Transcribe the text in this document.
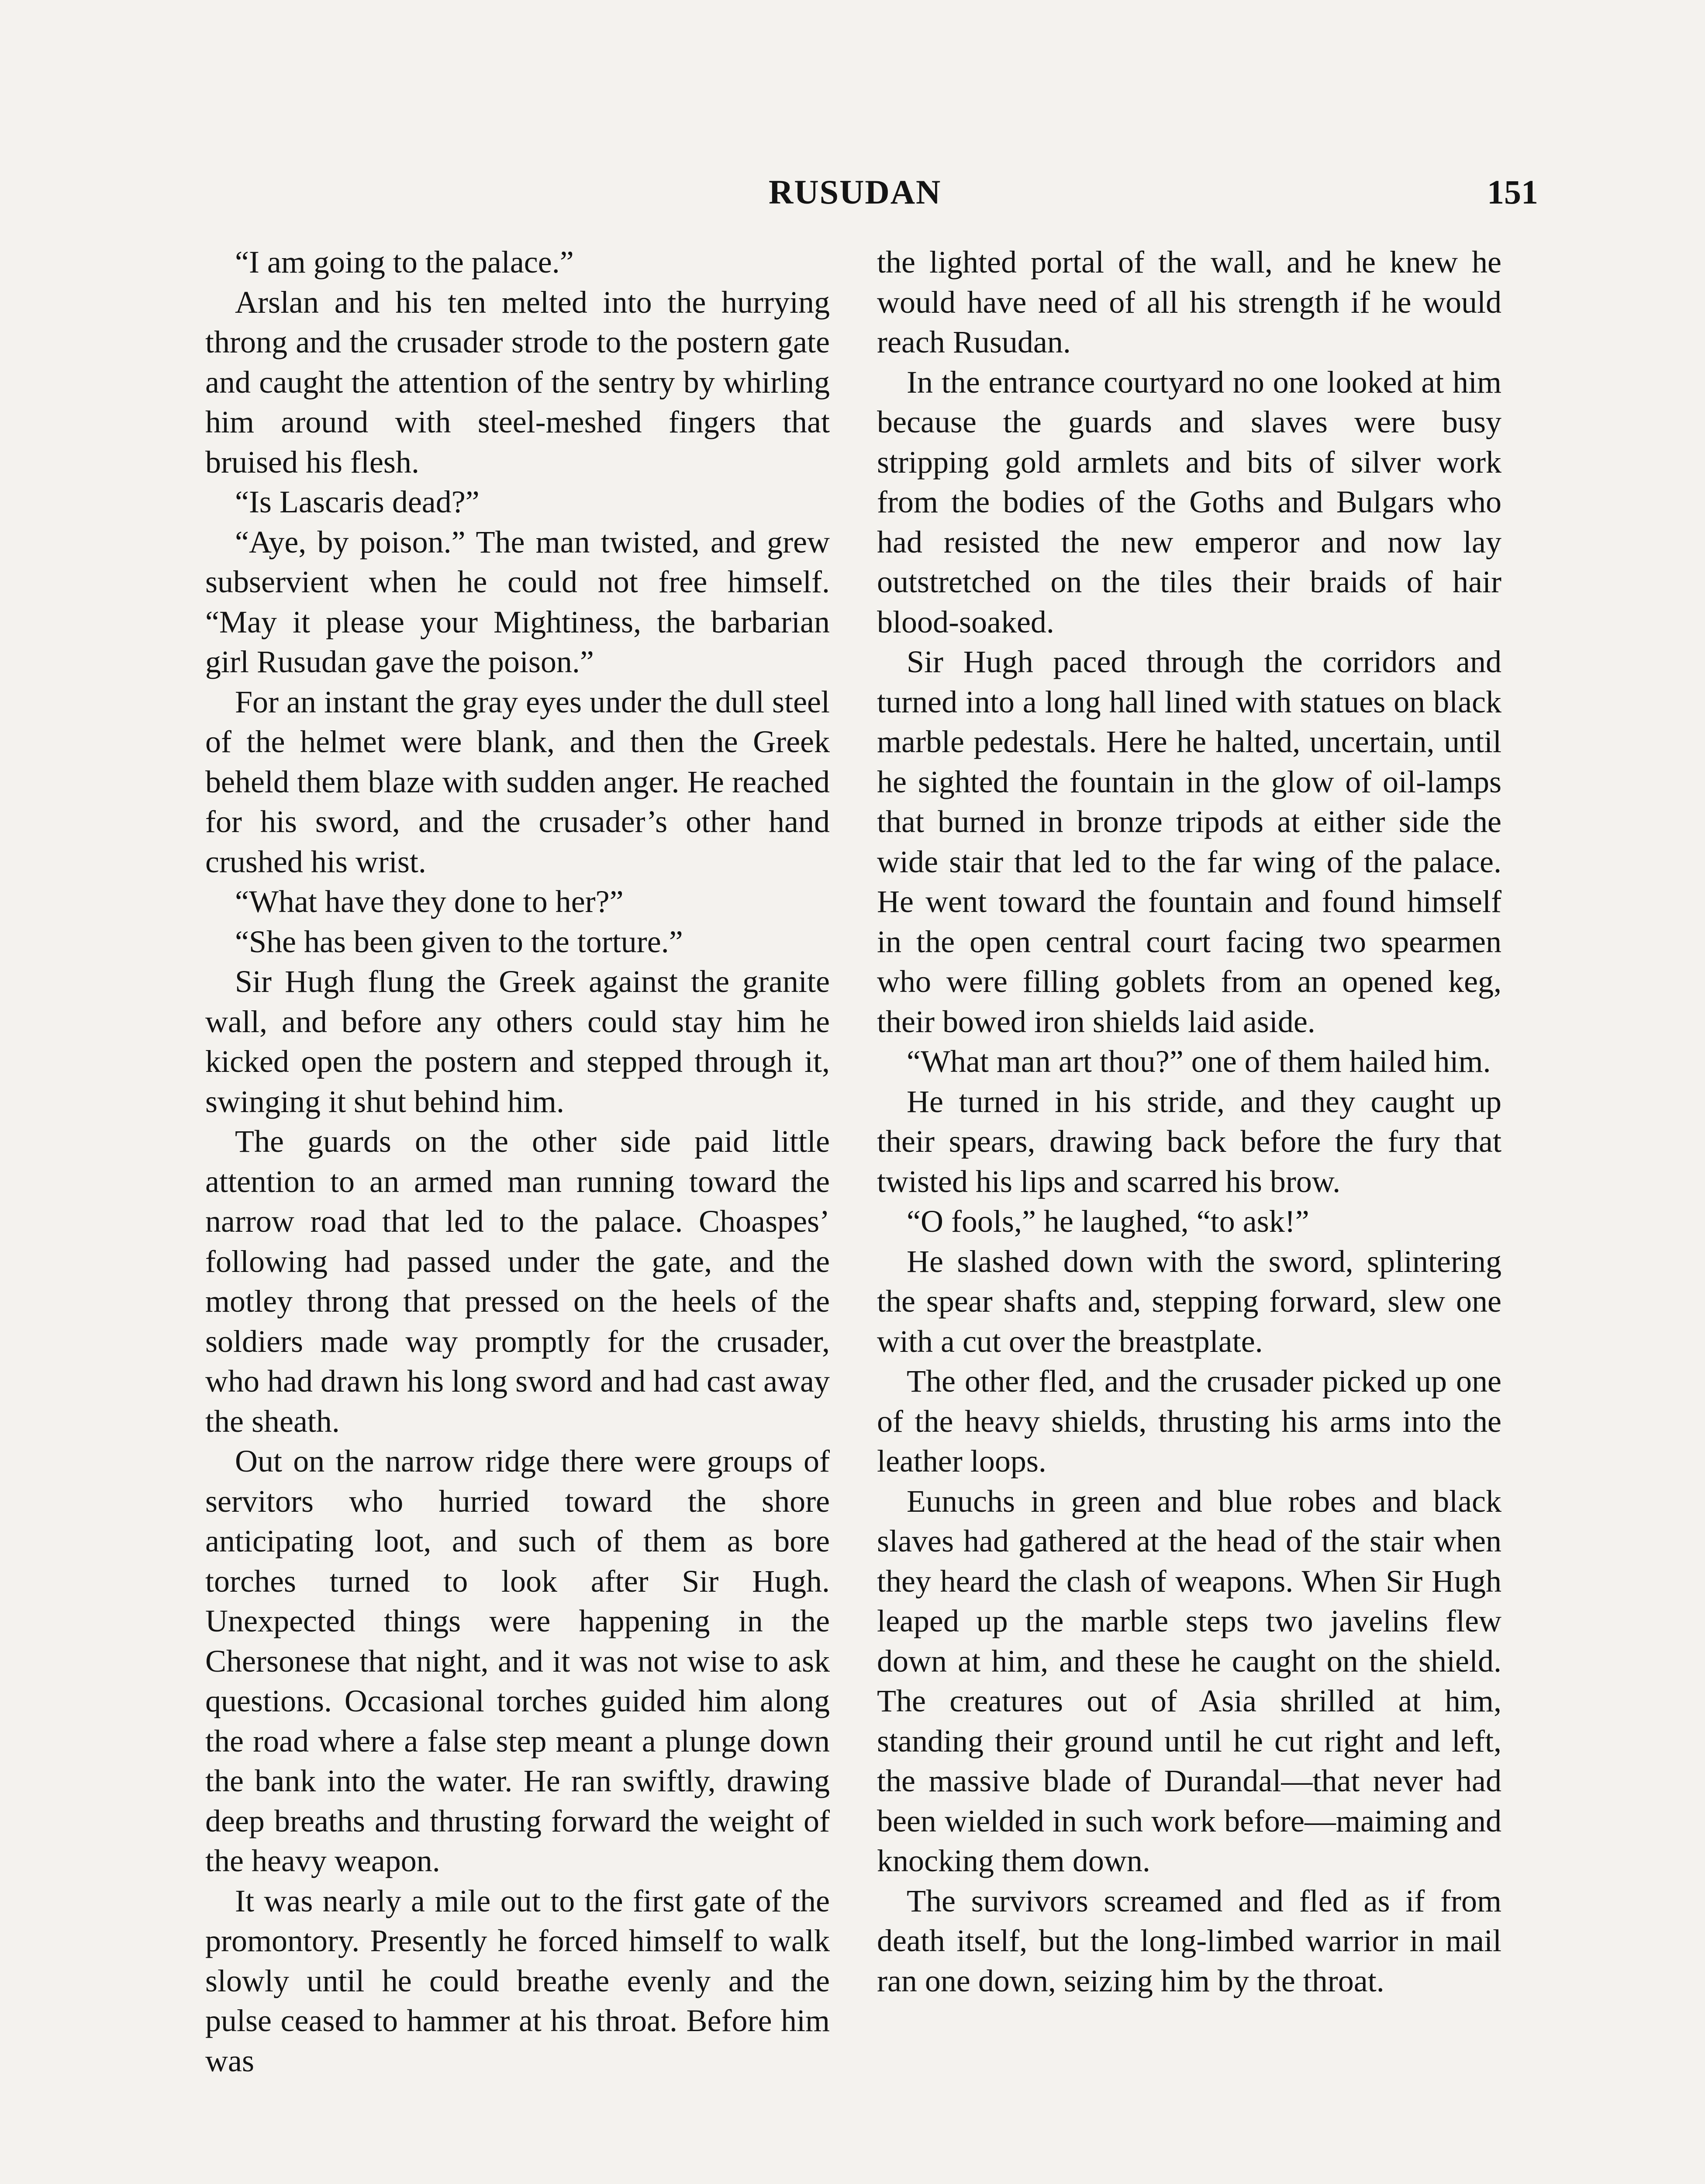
RUSUDAN	151

“I am going to the palace.”

Arslan and his ten melted into the hurrying throng and the crusader strode to the postern gate and caught the attention of the sentry by whirling him around with steel-meshed fingers that bruised his flesh.

“Is Lascaris dead?”

“Aye, by poison.” The man twisted, and grew subservient when he could not free himself. “May it please your Mightiness, the barbarian girl Rusudan gave the poison.”

For an instant the gray eyes under the dull steel of the helmet were blank, and then the Greek beheld them blaze with sudden anger. He reached for his sword, and the crusader’s other hand crushed his wrist.

“What have they done to her?”

“She has been given to the torture.”

Sir Hugh flung the Greek against the granite wall, and before any others could stay him he kicked open the postern and stepped through it, swinging it shut behind him.

The guards on the other side paid little attention to an armed man running toward the narrow road that led to the palace. Choaspes’ following had passed under the gate, and the motley throng that pressed on the heels of the soldiers made way promptly for the crusader, who had drawn his long sword and had cast away the sheath.

Out on the narrow ridge there were groups of servitors who hurried toward the shore anticipating loot, and such of them as bore torches turned to look after Sir Hugh. Unexpected things were happening in the Chersonese that night, and it was not wise to ask questions. Occasional torches guided him along the road where a false step meant a plunge down the bank into the water. He ran swiftly, drawing deep breaths and thrusting forward the weight of the heavy weapon.

It was nearly a mile out to the first gate of the promontory. Presently he forced himself to walk slowly until he could breathe evenly and the pulse ceased to hammer at his throat. Before him was

the lighted portal of the wall, and he knew he would have need of all his strength if he would reach Rusudan.

In the entrance courtyard no one looked at him because the guards and slaves were busy stripping gold armlets and bits of silver work from the bodies of the Goths and Bulgars who had resisted the new emperor and now lay outstretched on the tiles their braids of hair blood-soaked.

Sir Hugh paced through the corridors and turned into a long hall lined with statues on black marble pedestals. Here he halted, uncertain, until he sighted the fountain in the glow of oil-lamps that burned in bronze tripods at either side the wide stair that led to the far wing of the palace. He went toward the fountain and found himself in the open central court facing two spearmen who were filling goblets from an opened keg, their bowed iron shields laid aside.

“What man art thou?” one of them hailed him.

He turned in his stride, and they caught up their spears, drawing back before the fury that twisted his lips and scarred his brow.

“O fools,” he laughed, “to ask!”

He slashed down with the sword, splintering the spear shafts and, stepping forward, slew one with a cut over the breastplate.

The other fled, and the crusader picked up one of the heavy shields, thrusting his arms into the leather loops.

Eunuchs in green and blue robes and black slaves had gathered at the head of the stair when they heard the clash of weapons. When Sir Hugh leaped up the marble steps two javelins flew down at him, and these he caught on the shield. The creatures out of Asia shrilled at him, standing their ground until he cut right and left, the massive blade of Durandal—that never had been wielded in such work before—maiming and knocking them down.

The survivors screamed and fled as if from death itself, but the long-limbed warrior in mail ran one down, seizing him by the throat.
